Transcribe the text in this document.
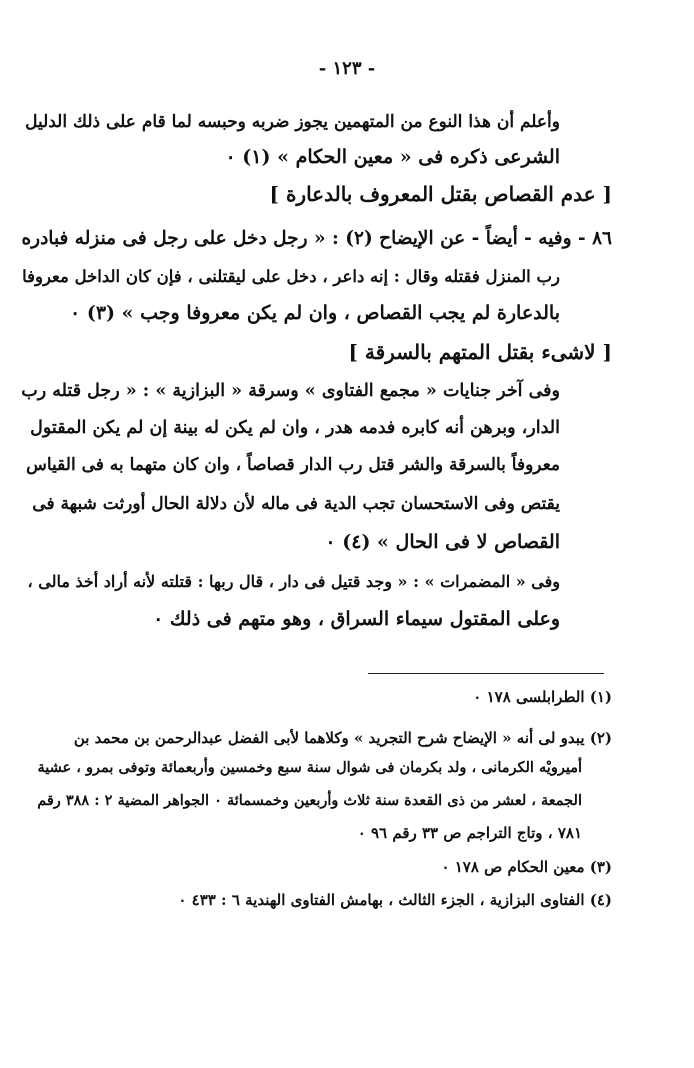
- ١٢٣ -
وأعلم أن هذا النوع من المتهمين يجوز ضربه وحبسه لما قام على ذلك الدليل
الشرعى ذكره فى « معين الحكام » (١) ٠
[ عدم القصاص بقتل المعروف بالدعارة ]
٨٦ - وفيه - أيضاً - عن الإيضاح (٢) : « رجل دخل على رجل فى منزله فبادره
رب المنزل فقتله وقال : إنه داعر ، دخل على ليقتلنى ، فإن كان الداخل معروفا
بالدعارة لم يجب القصاص ، وان لم يكن معروفا وجب » (٣) ٠
[ لاشىء بقتل المتهم بالسرقة ]
وفى آخر جنايات « مجمع الفتاوى » وسرقة « البزازية » : « رجل قتله رب
الدار، وبرهن أنه كابره فدمه هدر ، وان لم يكن له بينة إن لم يكن المقتول
معروفاً بالسرقة والشر قتل رب الدار قصاصاً ، وان كان متهما به فى القياس
يقتص وفى الاستحسان تجب الدية فى ماله لأن دلالة الحال أورثت شبهة فى
القصاص لا فى الحال » (٤) ٠
وفى « المضمرات » : « وجد قتيل فى دار ، قال ربها : قتلته لأنه أراد أخذ مالى ،
وعلى المقتول سيماء السراق ، وهو متهم فى ذلك ٠
(١) الطرابلسى ١٧٨ ٠
(٢) يبدو لى أنه « الإيضاح شرح التجريد » وكلاهما لأبى الفضل عبدالرحمن بن محمد بن
أميرويْه الكرمانى ، ولد بكرمان فى شوال سنة سبع وخمسين وأربعمائة وتوفى بمرو ، عشية
الجمعة ، لعشر من ذى القعدة سنة ثلاث وأربعين وخمسمائة ٠ الجواهر المضية ٢ : ٣٨٨ رقم
٧٨١ ، وتاج التراجم ص ٣٣ رقم ٩٦ ٠
(٣) معين الحكام ص ١٧٨ ٠
(٤) الفتاوى البزازية ، الجزء الثالث ، بهامش الفتاوى الهندية ٦ : ٤٣٣ ٠
